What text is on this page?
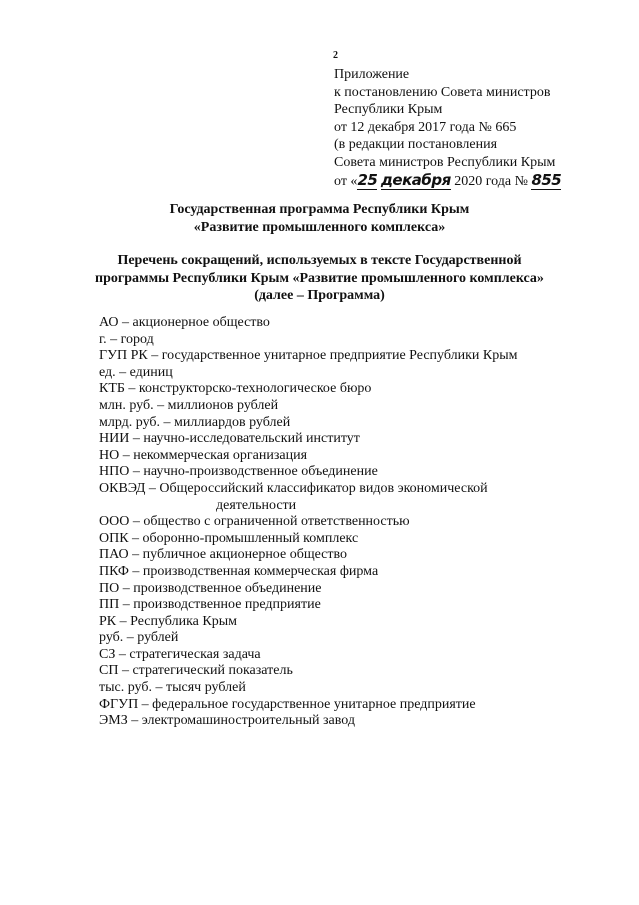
2
Приложение
к постановлению Совета министров
Республики Крым
от 12 декабря 2017 года № 665
(в редакции постановления
Совета министров Республики Крым
от «25 декабря 2020 года № 855
Государственная программа Республики Крым
«Развитие промышленного комплекса»
Перечень сокращений, используемых в тексте Государственной
программы Республики Крым «Развитие промышленного комплекса»
(далее – Программа)
АО – акционерное общество
г. – город
ГУП РК – государственное унитарное предприятие Республики Крым
ед. – единиц
КТБ – конструкторско-технологическое бюро
млн. руб. – миллионов рублей
млрд. руб. – миллиардов рублей
НИИ – научно-исследовательский институт
НО – некоммерческая организация
НПО – научно-производственное объединение
ОКВЭД – Общероссийский классификатор видов экономической
деятельности
ООО – общество с ограниченной ответственностью
ОПК – оборонно-промышленный комплекс
ПАО – публичное акционерное общество
ПКФ – производственная коммерческая фирма
ПО – производственное объединение
ПП – производственное предприятие
РК – Республика Крым
руб. – рублей
СЗ – стратегическая задача
СП – стратегический показатель
тыс. руб. – тысяч рублей
ФГУП – федеральное государственное унитарное предприятие
ЭМЗ – электромашиностроительный завод
